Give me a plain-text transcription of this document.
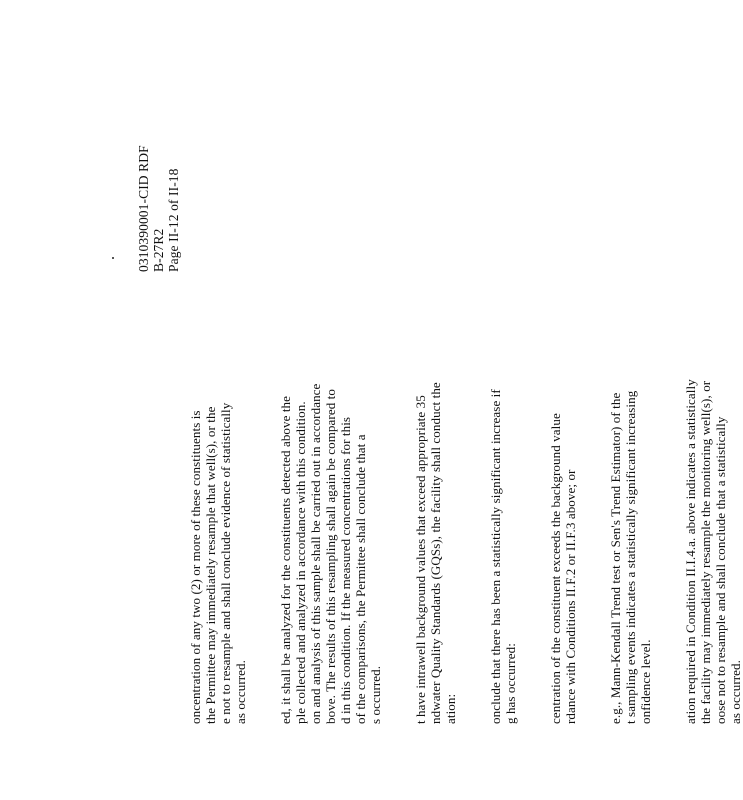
0310390001-CID RDF B-27R2 Page II-12 of II-18
oncentration of any two (2) or more of these constituents is the Permittee may immediately resample that well(s), or the e not to resample and shall conclude evidence of statistically as occurred. ed, it shall be analyzed for the constituents detected above the ple collected and analyzed in accordance with this condition. on and analysis of this sample shall be carried out in accordance bove. The results of this resampling shall again be compared to d in this condition. If the measured concentrations for this of the comparisons, the Permittee shall conclude that a s occurred. t have intrawell background values that exceed appropriate 35 ndwater Quality Standards (GQSs), the facility shall conduct the ation: onclude that there has been a statistically significant increase if g has occurred: centration of the constituent exceeds the background value rdance with Conditions II.F.2 or II.F.3 above; or e.g., Mann-Kendall Trend test or Sen's Trend Estimator) of the t sampling events indicates a statistically significant increasing onfidence level. ation required in Condition II.I.4.a. above indicates a statistically the facility may immediately resample the monitoring well(s), or oose not to resample and shall conclude that a statistically as occurred.
